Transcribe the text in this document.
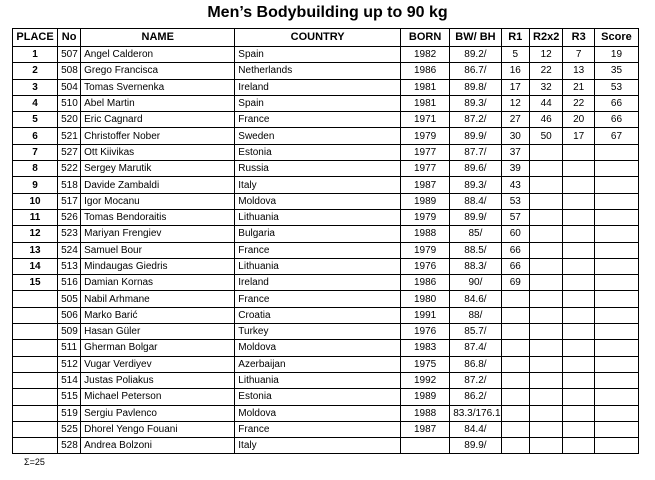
Men’s Bodybuilding up to 90 kg
PLACE	No	NAME	COUNTRY	BORN	BW/ BH	R1	R2x2	R3	Score
1	507	Angel Calderon	Spain	1982	89.2/	5	12	7	19
2	508	Grego Francisca	Netherlands	1986	86.7/	16	22	13	35
3	504	Tomas Svernenka	Ireland	1981	89.8/	17	32	21	53
4	510	Abel Martin	Spain	1981	89.3/	12	44	22	66
5	520	Eric Cagnard	France	1971	87.2/	27	46	20	66
6	521	Christoffer Nober	Sweden	1979	89.9/	30	50	17	67
7	527	Ott Kiivikas	Estonia	1977	87.7/	37			
8	522	Sergey Marutik	Russia	1977	89.6/	39			
9	518	Davide Zambaldi	Italy	1987	89.3/	43			
10	517	Igor Mocanu	Moldova	1989	88.4/	53			
11	526	Tomas Bendoraitis	Lithuania	1979	89.9/	57			
12	523	Mariyan Frengiev	Bulgaria	1988	85/	60			
13	524	Samuel Bour	France	1979	88.5/	66			
14	513	Mindaugas Giedris	Lithuania	1976	88.3/	66			
15	516	Damian Kornas	Ireland	1986	90/	69			
	505	Nabil Arhmane	France	1980	84.6/				
	506	Marko Barić	Croatia	1991	88/				
	509	Hasan Güler	Turkey	1976	85.7/				
	511	Gherman Bolgar	Moldova	1983	87.4/				
	512	Vugar Verdiyev	Azerbaijan	1975	86.8/				
	514	Justas Poliakus	Lithuania	1992	87.2/				
	515	Michael Peterson	Estonia	1989	86.2/				
	519	Sergiu Pavlenco	Moldova	1988	83.3/176.1				
	525	Dhorel Yengo Fouani	France	1987	84.4/				
	528	Andrea Bolzoni	Italy		89.9/				
Σ=25
